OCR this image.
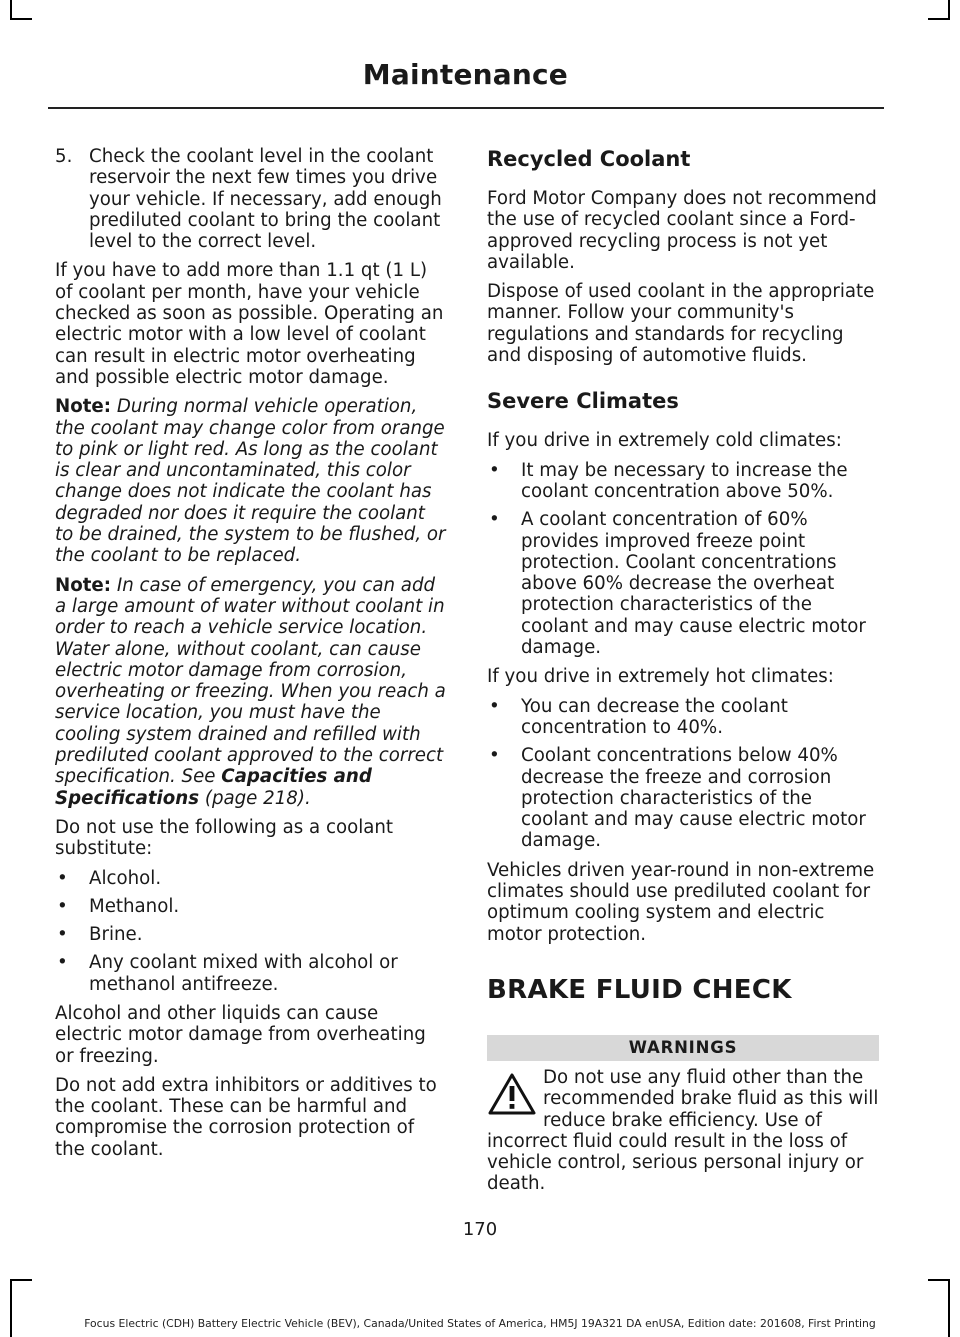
Maintenance
5. Check the coolant level in the coolant reservoir the next few times you drive your vehicle. If necessary, add enough prediluted coolant to bring the coolant level to the correct level.

If you have to add more than 1.1 qt (1 L) of coolant per month, have your vehicle checked as soon as possible. Operating an electric motor with a low level of coolant can result in electric motor overheating and possible electric motor damage.

Note: During normal vehicle operation, the coolant may change color from orange to pink or light red. As long as the coolant is clear and uncontaminated, this color change does not indicate the coolant has degraded nor does it require the coolant to be drained, the system to be flushed, or the coolant to be replaced.

Note: In case of emergency, you can add a large amount of water without coolant in order to reach a vehicle service location. Water alone, without coolant, can cause electric motor damage from corrosion, overheating or freezing. When you reach a service location, you must have the cooling system drained and refilled with prediluted coolant approved to the correct specification. See Capacities and Specifications (page 218).

Do not use the following as a coolant substitute:

• Alcohol.
• Methanol.
• Brine.
• Any coolant mixed with alcohol or methanol antifreeze.

Alcohol and other liquids can cause electric motor damage from overheating or freezing.

Do not add extra inhibitors or additives to the coolant. These can be harmful and compromise the corrosion protection of the coolant.

Recycled Coolant

Ford Motor Company does not recommend the use of recycled coolant since a Ford-approved recycling process is not yet available.

Dispose of used coolant in the appropriate manner. Follow your community's regulations and standards for recycling and disposing of automotive fluids.

Severe Climates

If you drive in extremely cold climates:

• It may be necessary to increase the coolant concentration above 50%.
• A coolant concentration of 60% provides improved freeze point protection. Coolant concentrations above 60% decrease the overheat protection characteristics of the coolant and may cause electric motor damage.

If you drive in extremely hot climates:

• You can decrease the coolant concentration to 40%.
• Coolant concentrations below 40% decrease the freeze and corrosion protection characteristics of the coolant and may cause electric motor damage.

Vehicles driven year-round in non-extreme climates should use prediluted coolant for optimum cooling system and electric motor protection.

BRAKE FLUID CHECK
WARNINGS

Do not use any fluid other than the recommended brake fluid as this will reduce brake efficiency. Use of incorrect fluid could result in the loss of vehicle control, serious personal injury or death.

170
Focus Electric (CDH) Battery Electric Vehicle (BEV), Canada/United States of America, HM5J 19A321 DA enUSA, Edition date: 201608, First Printing
